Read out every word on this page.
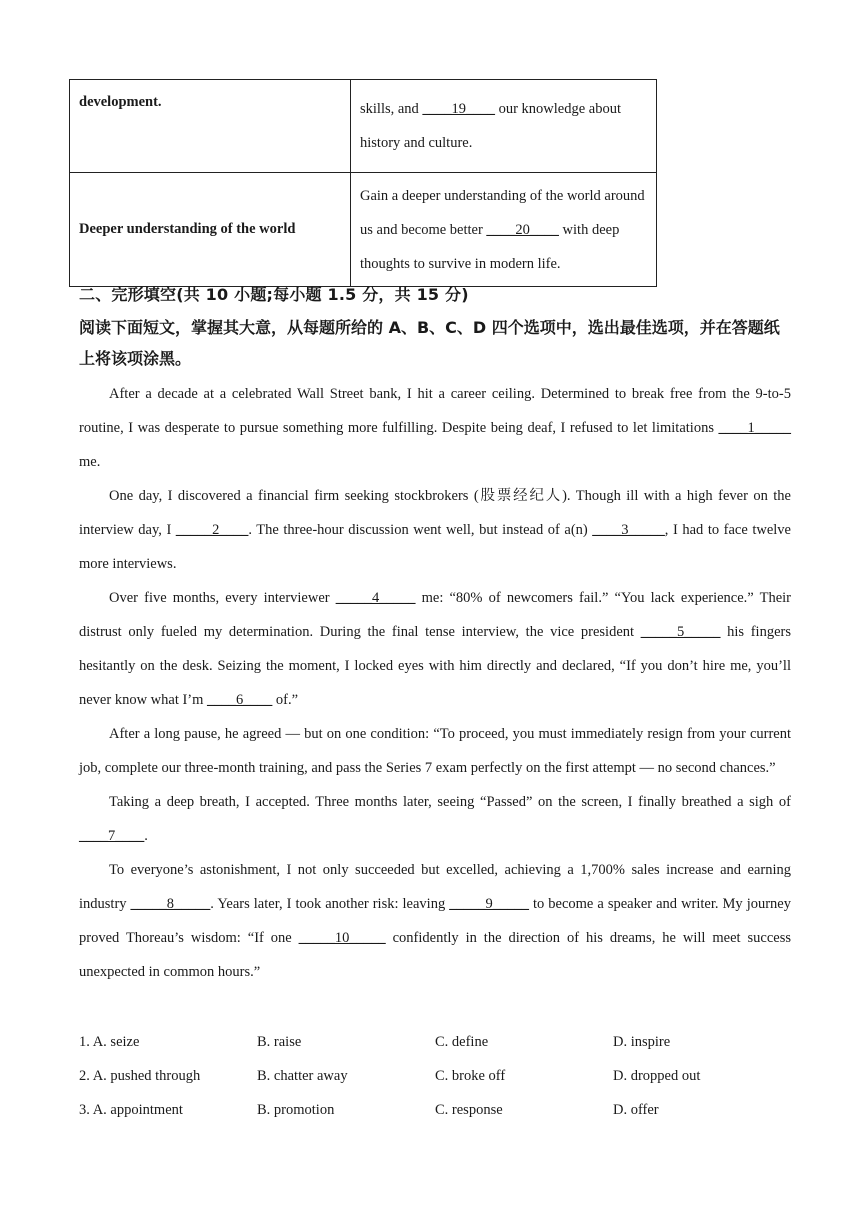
development.	skills, and ____19____ our knowledge about history and culture.
Deeper understanding of the world	Gain a deeper understanding of the world around us and become better ____20____ with deep thoughts to survive in modern life.
二、完形填空(共 10 小题;每小题 1.5 分，共 15 分)
阅读下面短文，掌握其大意，从每题所给的 A、B、C、D 四个选项中，选出最佳选项，并在答题纸上将该项涂黑。

After a decade at a celebrated Wall Street bank, I hit a career ceiling. Determined to break free from the 9-to-5 routine, I was desperate to pursue something more fulfilling. Despite being deaf, I refused to let limitations ____1_____ me.

One day, I discovered a financial firm seeking stockbrokers (股票经纪人). Though ill with a high fever on the interview day, I _____2____. The three-hour discussion went well, but instead of a(n) ____3_____, I had to face twelve more interviews.

Over five months, every interviewer _____4_____ me: “80% of newcomers fail.” “You lack experience.” Their distrust only fueled my determination. During the final tense interview, the vice president _____5_____ his fingers hesitantly on the desk. Seizing the moment, I locked eyes with him directly and declared, “If you don’t hire me, you’ll never know what I’m ____6____ of.”

After a long pause, he agreed — but on one condition: “To proceed, you must immediately resign from your current job, complete our three-month training, and pass the Series 7 exam perfectly on the first attempt — no second chances.”

Taking a deep breath, I accepted. Three months later, seeing “Passed” on the screen, I finally breathed a sigh of ____7____.

To everyone’s astonishment, I not only succeeded but excelled, achieving a 1,700% sales increase and earning industry _____8_____. Years later, I took another risk: leaving _____9_____ to become a speaker and writer. My journey proved Thoreau’s wisdom: “If one _____10_____ confidently in the direction of his dreams, he will meet success unexpected in common hours.”

1. A. seize	B. raise	C. define	D. inspire
2. A. pushed through	B. chatter away	C. broke off	D. dropped out
3. A. appointment	B. promotion	C. response	D. offer
